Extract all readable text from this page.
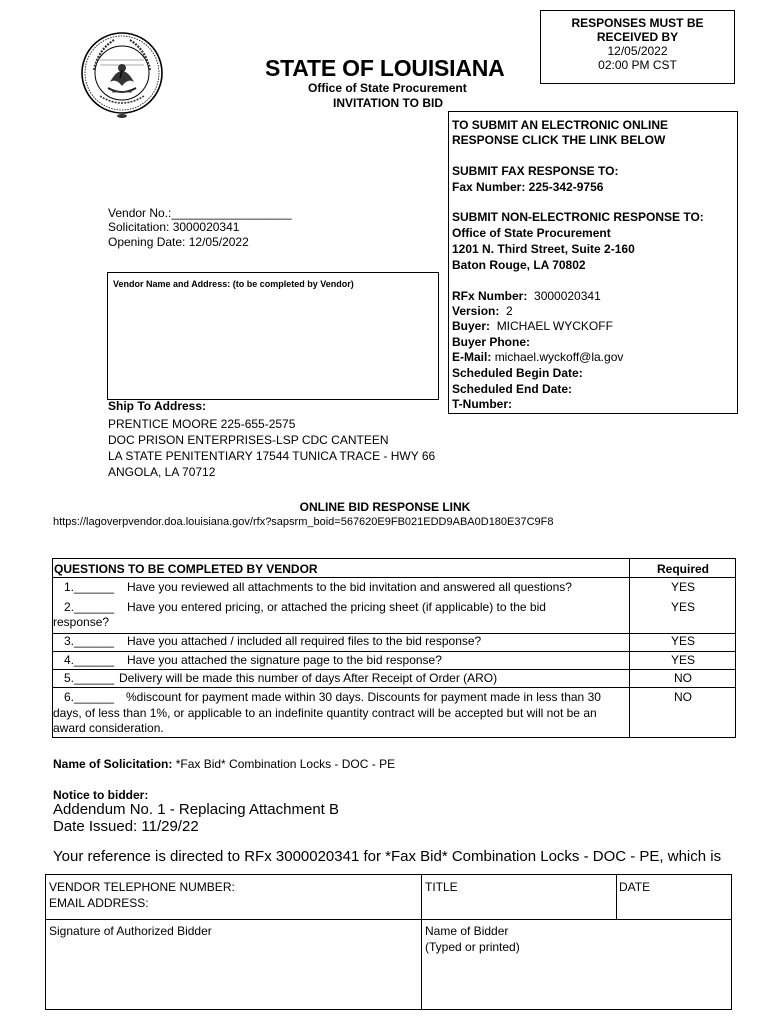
RESPONSES MUST BE
RECEIVED BY
12/05/2022
02:00 PM CST
STATE OF LOUISIANA
Office of State Procurement
INVITATION TO BID
TO SUBMIT AN ELECTRONIC ONLINE
RESPONSE CLICK THE LINK BELOW
SUBMIT FAX RESPONSE TO:
Fax Number: 225-342-9756
SUBMIT NON-ELECTRONIC RESPONSE TO:
Office of State Procurement
1201 N. Third Street, Suite 2-160
Baton Rouge, LA 70802
RFx Number: 3000020341
Version: 2
Buyer: MICHAEL WYCKOFF
Buyer Phone:
E-Mail: michael.wyckoff@la.gov
Scheduled Begin Date:
Scheduled End Date:
T-Number:
Vendor No.:__________________
Solicitation: 3000020341
Opening Date: 12/05/2022
Vendor Name and Address: (to be completed by Vendor)
Ship To Address:
PRENTICE MOORE 225-655-2575
DOC PRISON ENTERPRISES-LSP CDC CANTEEN
LA STATE PENITENTIARY 17544 TUNICA TRACE - HWY 66
ANGOLA, LA 70712
ONLINE BID RESPONSE LINK
https://lagoverpvendor.doa.louisiana.gov/rfx?sapsrm_boid=567620E9FB021EDD9ABA0D180E37C9F8
QUESTIONS TO BE COMPLETED BY VENDOR	Required
1.______ Have you reviewed all attachments to the bid invitation and answered all questions?	YES
2.______ Have you entered pricing, or attached the pricing sheet (if applicable) to the bid
response?
YES
3.______ Have you attached / included all required files to the bid response?	YES
4.______ Have you attached the signature page to the bid response?	YES
5.______ Delivery will be made this number of days After Receipt of Order (ARO)	NO
6.______ %discount for payment made within 30 days. Discounts for payment made in less than 30
days, of less than 1%, or applicable to an indefinite quantity contract will be accepted but will not be an
award consideration.
NO
Name of Solicitation: *Fax Bid* Combination Locks - DOC - PE
Notice to bidder:
Addendum No. 1 - Replacing Attachment B
Date Issued: 11/29/22
Your reference is directed to RFx 3000020341 for *Fax Bid* Combination Locks - DOC - PE, which is
VENDOR TELEPHONE NUMBER:
EMAIL ADDRESS:
TITLE	DATE
Signature of Authorized Bidder	Name of Bidder
(Typed or printed)
